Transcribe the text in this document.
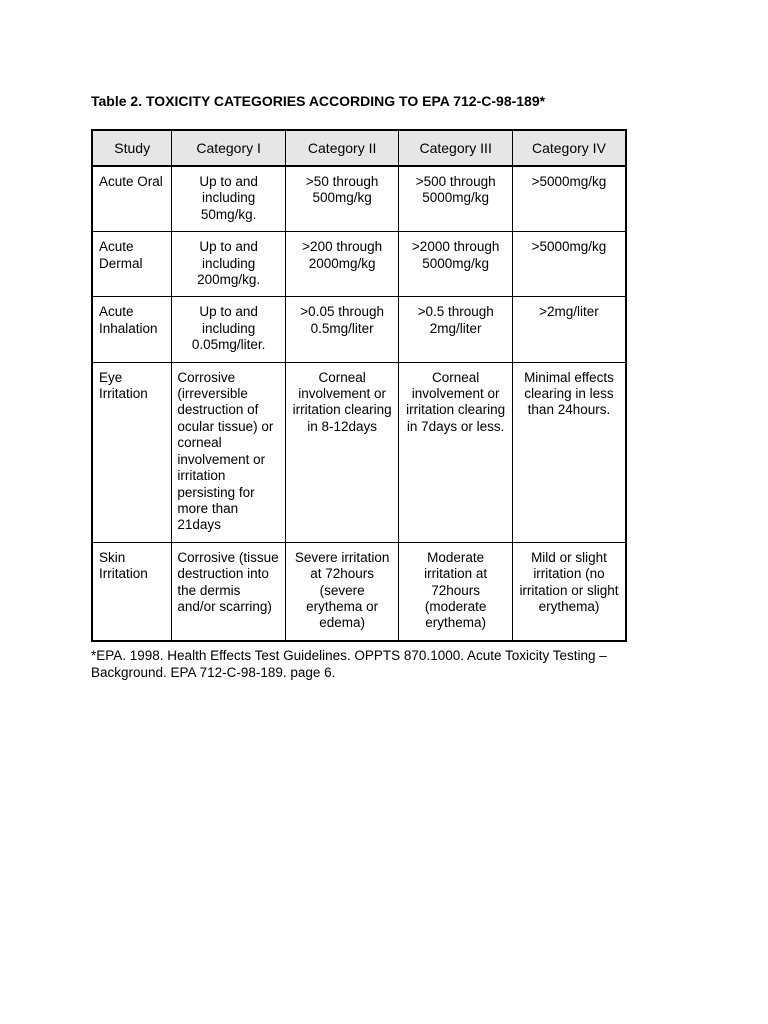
Table 2. TOXICITY CATEGORIES ACCORDING TO EPA 712-C-98-189*
Study	Category I	Category II	Category III	Category IV
Acute Oral	Up to and including 50mg/kg.	>50 through 500mg/kg	>500 through 5000mg/kg	>5000mg/kg
Acute Dermal	Up to and including 200mg/kg.	>200 through 2000mg/kg	>2000 through 5000mg/kg	>5000mg/kg
Acute Inhalation	Up to and including 0.05mg/liter.	>0.05 through 0.5mg/liter	>0.5 through 2mg/liter	>2mg/liter
Eye Irritation	Corrosive (irreversible destruction of ocular tissue) or corneal involvement or irritation persisting for more than 21days	Corneal involvement or irritation clearing in 8-12days	Corneal involvement or irritation clearing in 7days or less.	Minimal effects clearing in less than 24hours.
Skin Irritation	Corrosive (tissue destruction into the dermis and/or scarring)	Severe irritation at 72hours (severe erythema or edema)	Moderate irritation at 72hours (moderate erythema)	Mild or slight irritation (no irritation or slight erythema)
*EPA. 1998. Health Effects Test Guidelines. OPPTS 870.1000. Acute Toxicity Testing – Background. EPA 712-C-98-189. page 6.
